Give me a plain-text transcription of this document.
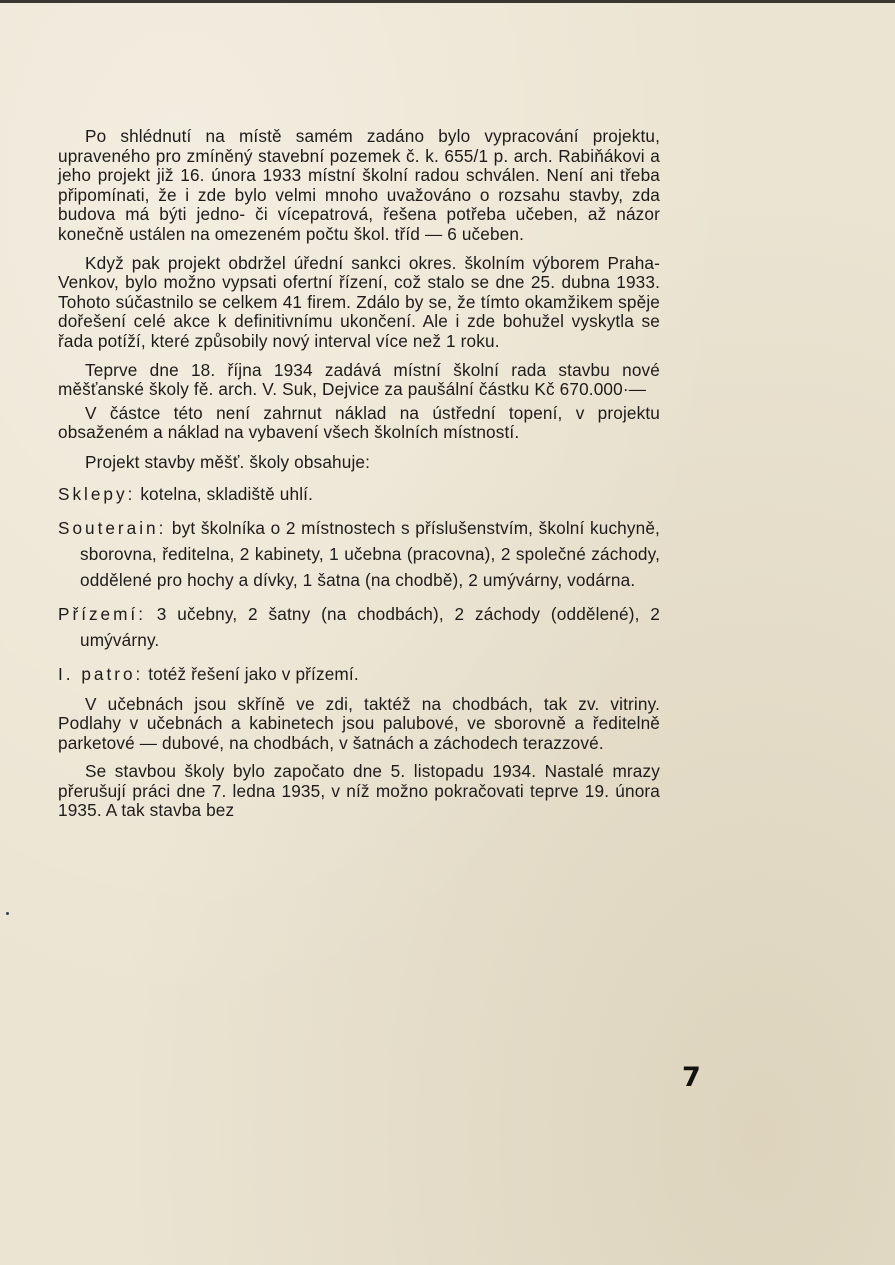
Po shlédnutí na místě samém zadáno bylo vypracování projektu, upraveného pro zmíněný stavební pozemek č. k. 655/1 p. arch. Rabiňákovi a jeho projekt již 16. února 1933 místní školní radou schválen. Není ani třeba připomínati, že i zde bylo velmi mnoho uvažováno o rozsahu stavby, zda budova má býti jedno- či vícepatrová, řešena potřeba učeben, až názor konečně ustálen na omezeném počtu škol. tříd — 6 učeben.

Když pak projekt obdržel úřední sankci okres. školním výborem Praha-Venkov, bylo možno vypsati ofertní řízení, což stalo se dne 25. dubna 1933. Tohoto súčastnilo se celkem 41 firem. Zdálo by se, že tímto okamžikem spěje dořešení celé akce k definitivnímu ukončení. Ale i zde bohužel vyskytla se řada potíží, které způsobily nový interval více než 1 roku.

Teprve dne 18. října 1934 zadává místní školní rada stavbu nové měšťanské školy fě. arch. V. Suk, Dejvice za paušální částku Kč 670.000·—

V částce této není zahrnut náklad na ústřední topení, v projektu obsaženém a náklad na vybavení všech školních místností.

Projekt stavby měšť. školy obsahuje:

Sklepy: kotelna, skladiště uhlí.

Souterain: byt školníka o 2 místnostech s příslušenstvím, školní kuchyně, sborovna, ředitelna, 2 kabinety, 1 učebna (pracovna), 2 společné záchody, oddělené pro hochy a dívky, 1 šatna (na chodbě), 2 umývárny, vodárna.

Přízemí: 3 učebny, 2 šatny (na chodbách), 2 záchody (oddělené), 2 umývárny.

I. patro: totéž řešení jako v přízemí.

V učebnách jsou skříně ve zdi, taktéž na chodbách, tak zv. vitriny. Podlahy v učebnách a kabinetech jsou palubové, ve sborovně a ředitelně parketové — dubové, na chodbách, v šatnách a záchodech terazzové.

Se stavbou školy bylo započato dne 5. listopadu 1934. Nastalé mrazy přerušují práci dne 7. ledna 1935, v níž možno pokračovati teprve 19. února 1935. A tak stavba bez

7
